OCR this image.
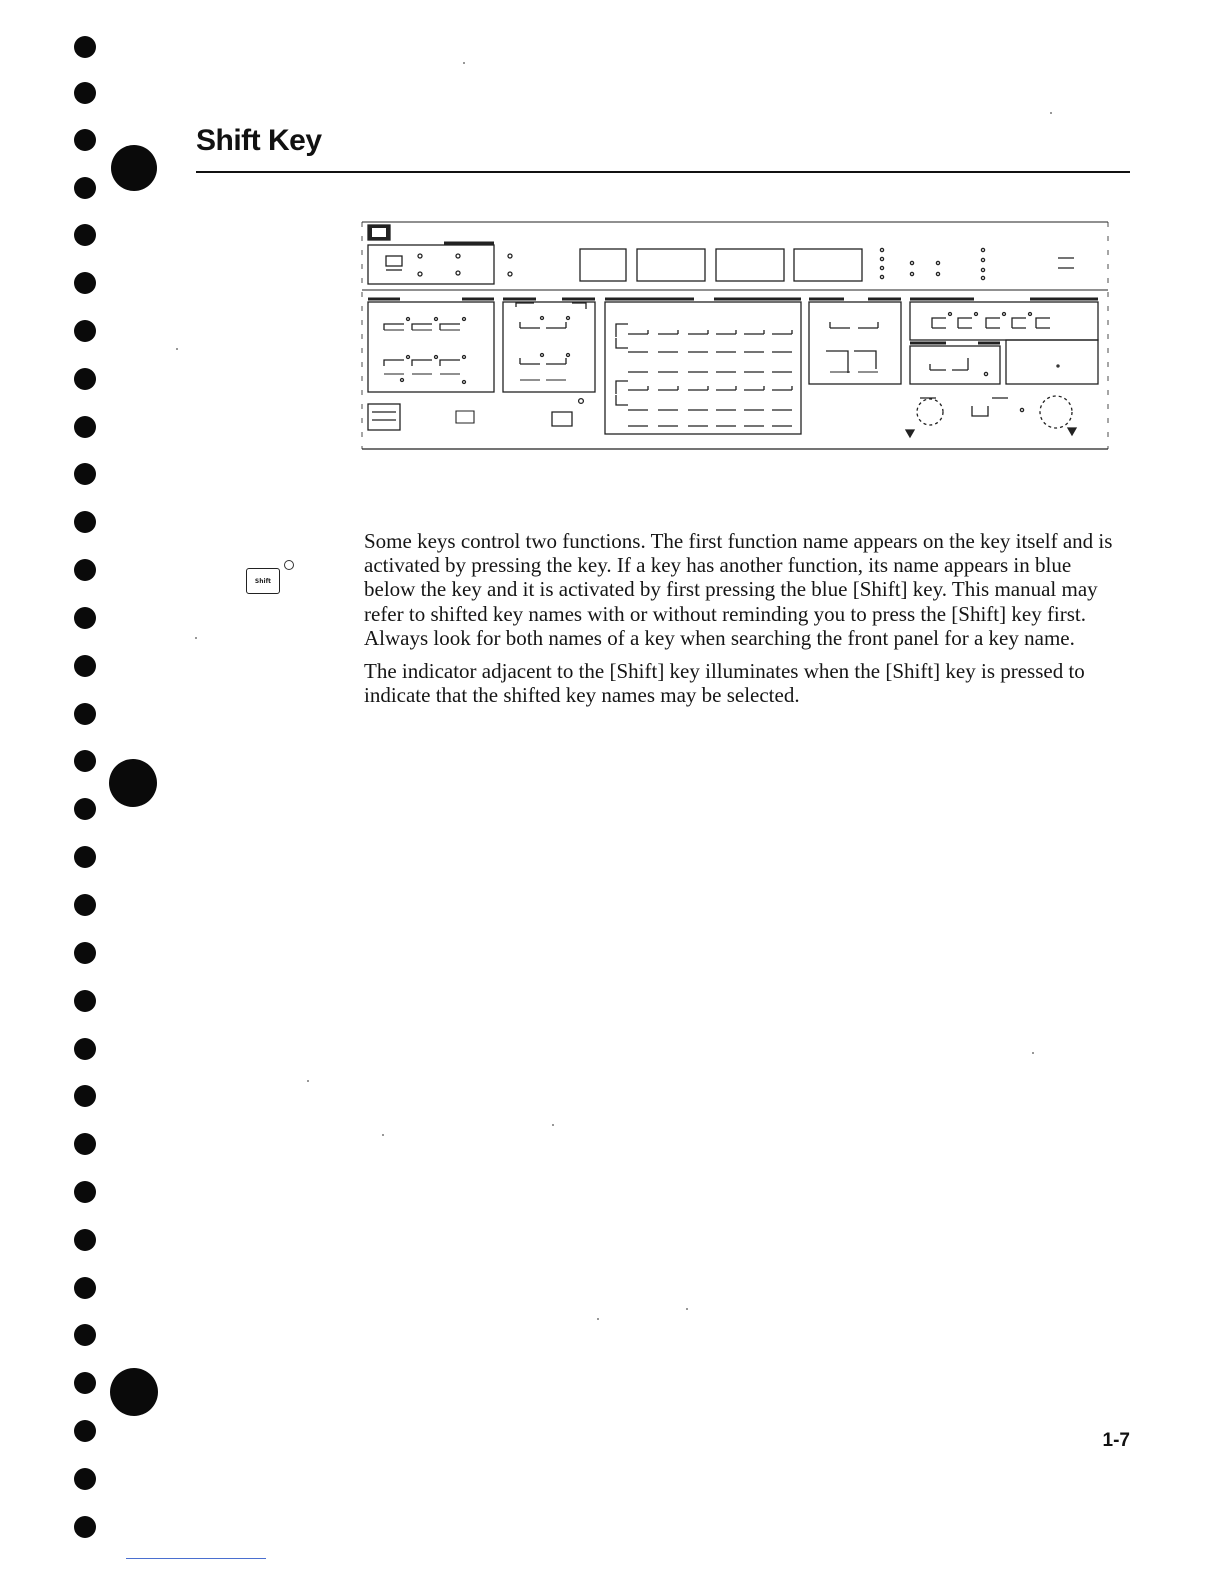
Shift Key
Shift

Some keys control two functions. The first function name appears on the key itself and is activated by pressing the key. If a key has another function, its name appears in blue below the key and it is activated by first pressing the blue [Shift] key. This manual may refer to shifted key names with or without reminding you to press the [Shift] key first. Always look for both names of a key when searching the front panel for a key name.

The indicator adjacent to the [Shift] key illuminates when the [Shift] key is pressed to indicate that the shifted key names may be selected.

1-7
